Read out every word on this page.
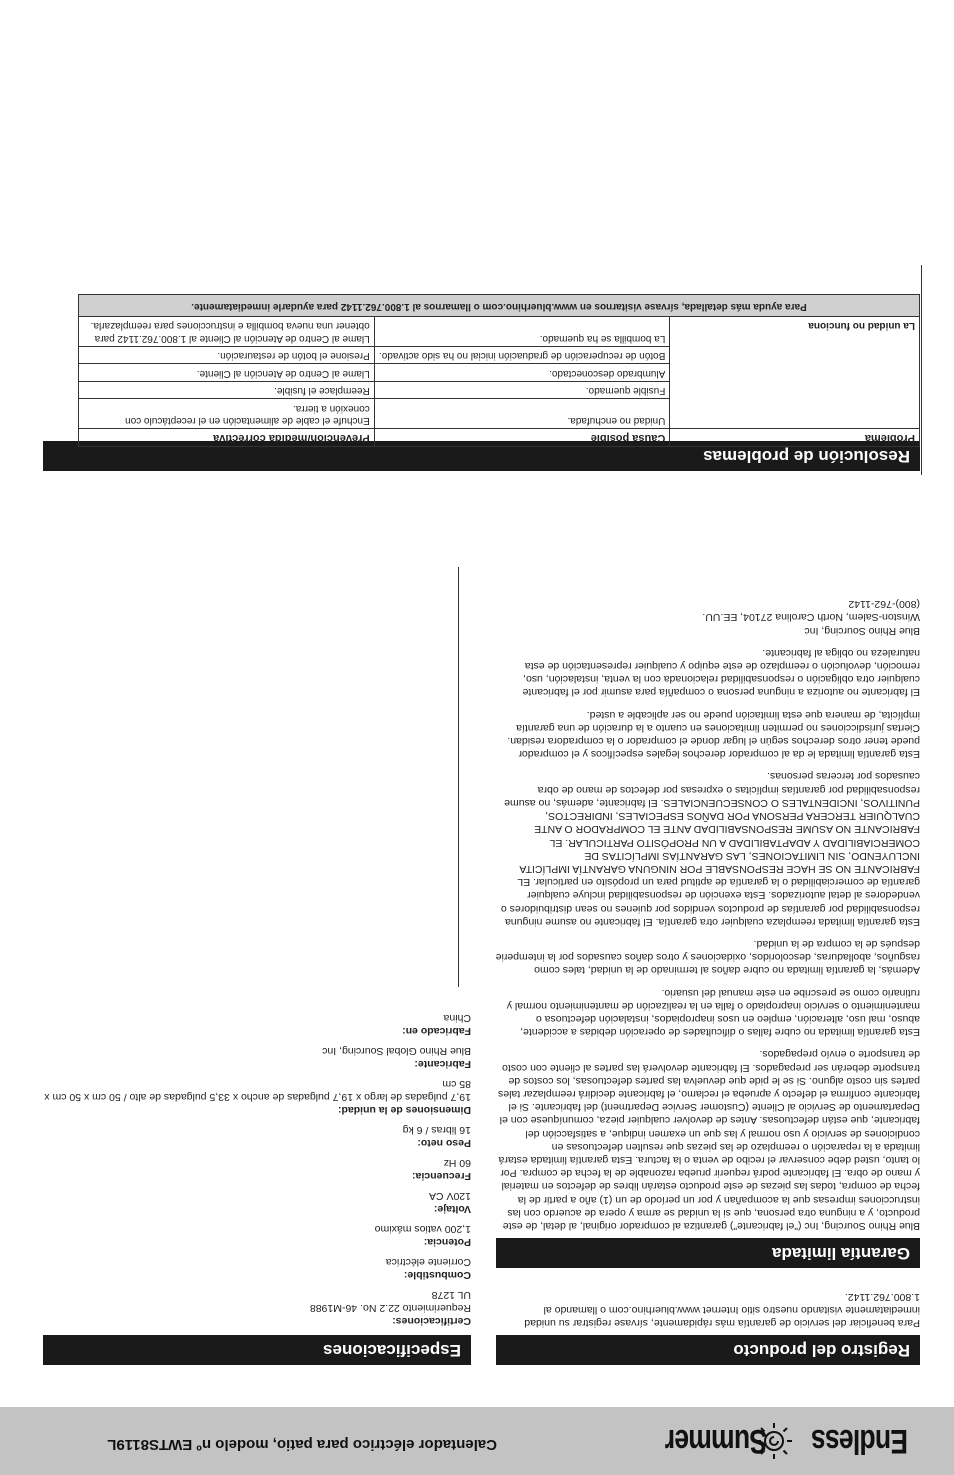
Endless
Summer
Calentador eléctrico para patio, modelo nº EWTS8119L
Registro del producto
Para beneficiar del servicio de garantía más rápidamente, sírvase registrar su unidad inmediatamente visitando nuestro sitio Internet www.bluerhino.com o llamando al 1.800.762.1142.
Garantía limitada

Blue Rhino Sourcing, Inc ("el fabricante") garantiza al comprador original, al detal, de este producto, y a ninguna otra persona, que si la unidad se arma y opera de acuerdo con las instrucciones impresas que la acompañan y por un período de un (1) año a partir de la fecha de compra, todas las piezas de este producto estarán libres de defectos en material y mano de obra. El fabricante podrá requerir prueba razonable de la fecha de compra. Por lo tanto, usted debe conservar el recibo de venta o la factura. Esta garantía limitada estará limitada a la reparación o reemplazo de las piezas que resulten defectuosas en condiciones de servicio y uso normal y las que un examen indique, a satisfacción del fabricante, que están defectuosas. Antes de devolver cualquier pieza, comuníquese con el Departamento de Servicio al Cliente (Customer Service Department) del fabricante. Si el fabricante confirma el defecto y aprueba el reclamo, el fabricante decidirá reemplazar tales partes sin costo alguno. Si se le pide que devuelva las partes defectuosas, los costos de transporte deberán ser prepagados. El fabricante devolverá las partes al cliente con costo de transporte o envío prepagados.

Esta garantía limitada no cubre fallas o dificultades de operación debidas a accidente, abuso, mal uso, alteración, empleo en usos inapropiados, instalación defectuosa o mantenimiento o servicio inapropiado o falla en la realización de mantenimiento normal y rutinario como se prescribe en este manual del usuario.

Además, la garantía limitada no cubre daños al terminado de la unidad, tales como rasguños, abolladuras, descoloridos, oxidaciones y otros daños causados por la intemperie después de la compra de la unidad.

Esta garantía limitada reemplaza cualquier otra garantía. El fabricante no asume ninguna responsabilidad por garantías de productos vendidos por quienes no sean distribuidores o vendedores al detal autorizados. Esta exención de responsabilidad incluye cualquier garantía de comerciabilidad o la garantía de aptitud para un propósito en particular. EL FABRICANTE NO SE HACE RESPONSABLE POR NINGUNA GARANTÍA IMPLÍCITA INCLUYENDO, SIN LIMITACIONES, LAS GARANTÍAS IMPLÍCITAS DE COMERCIABILIDAD Y ADAPTABILIDAD A UN PROPÓSITO PARTICULAR. EL FABRICANTE NO ASUME RESPONSABILIDAD ANTE EL COMPRADOR O ANTE CUALQUIER TERCERA PERSONA POR DAÑOS ESPECIALES, INDIRECTOS, PUNITIVOS, INCIDENTALES O CONSECUENCIALES. El fabricante, además, no asume responsabilidad por garantías implícitas o expresas por defectos de mano de obra causados por terceras personas.

Esta garantía limitada le da al comprador derechos legales específicos y el comprador puede tener otros derechos según el lugar donde el comprador o la compradora residan. Ciertas jurisdicciones no permiten limitaciones en cuanto a la duración de una garantía implícita, de manera que esta limitación puede no ser aplicable a usted.

El fabricante no autoriza a ninguna persona o compañía para asumir por el fabricante cualquier otra obligación o responsabilidad relacionada con la venta, instalación, uso, remoción, devolución o reemplazo de este equipo y cualquier representación de esta naturaleza no obliga al fabricante.

Blue Rhino Sourcing, Inc
Winston-Salem, North Carolina 27104, EE.UU.
(800)-762-1142
Especificaciones
Certificaciones:
Requerimiento 22.2 No. 46-M1988
UL 1278
Combustible:
Corriente eléctrica
Potencia:
1,200 vatios máximo
Voltaje:
120V CA
Frecuencia:
60 Hz
Peso neto:
16 libras / 6 kg
Dimensiones de la unidad:
19,7 pulgadas de largo x 19,7 pulgadas de ancho x 33,5 pulgadas de alto / 50 cm x 50 cm x 85 cm
Fabricante:
Blue Rhino Global Sourcing, Inc
Fabricado en:
China
Resolución de problemas
Problema	Causa posible	Prevención/medida correctiva
La unidad no funciona	Unidad no enchufada.	Enchufe el cable de alimentación en el receptáculo con conexión a tierra.
	Fusible quemado.	Reemplace el fusible.
	Alumbrado desconectado.	Llame al Centro de Atención al Cliente.
	Botón de recuperación de graduación inicial no ha sido activado.	Presione el botón de restauración.
	La bombilla se ha quemado.	Llame al Centro de Atención al Cliente al 1.800.762.1142 para obtener una nueva bombilla e instrucciones para reemplazarla.
Para ayuda más detallada, sírvase visitarnos en www.bluerhino.com o llamarnos al 1.800.762.1142 para ayudarle inmediatamente.		
